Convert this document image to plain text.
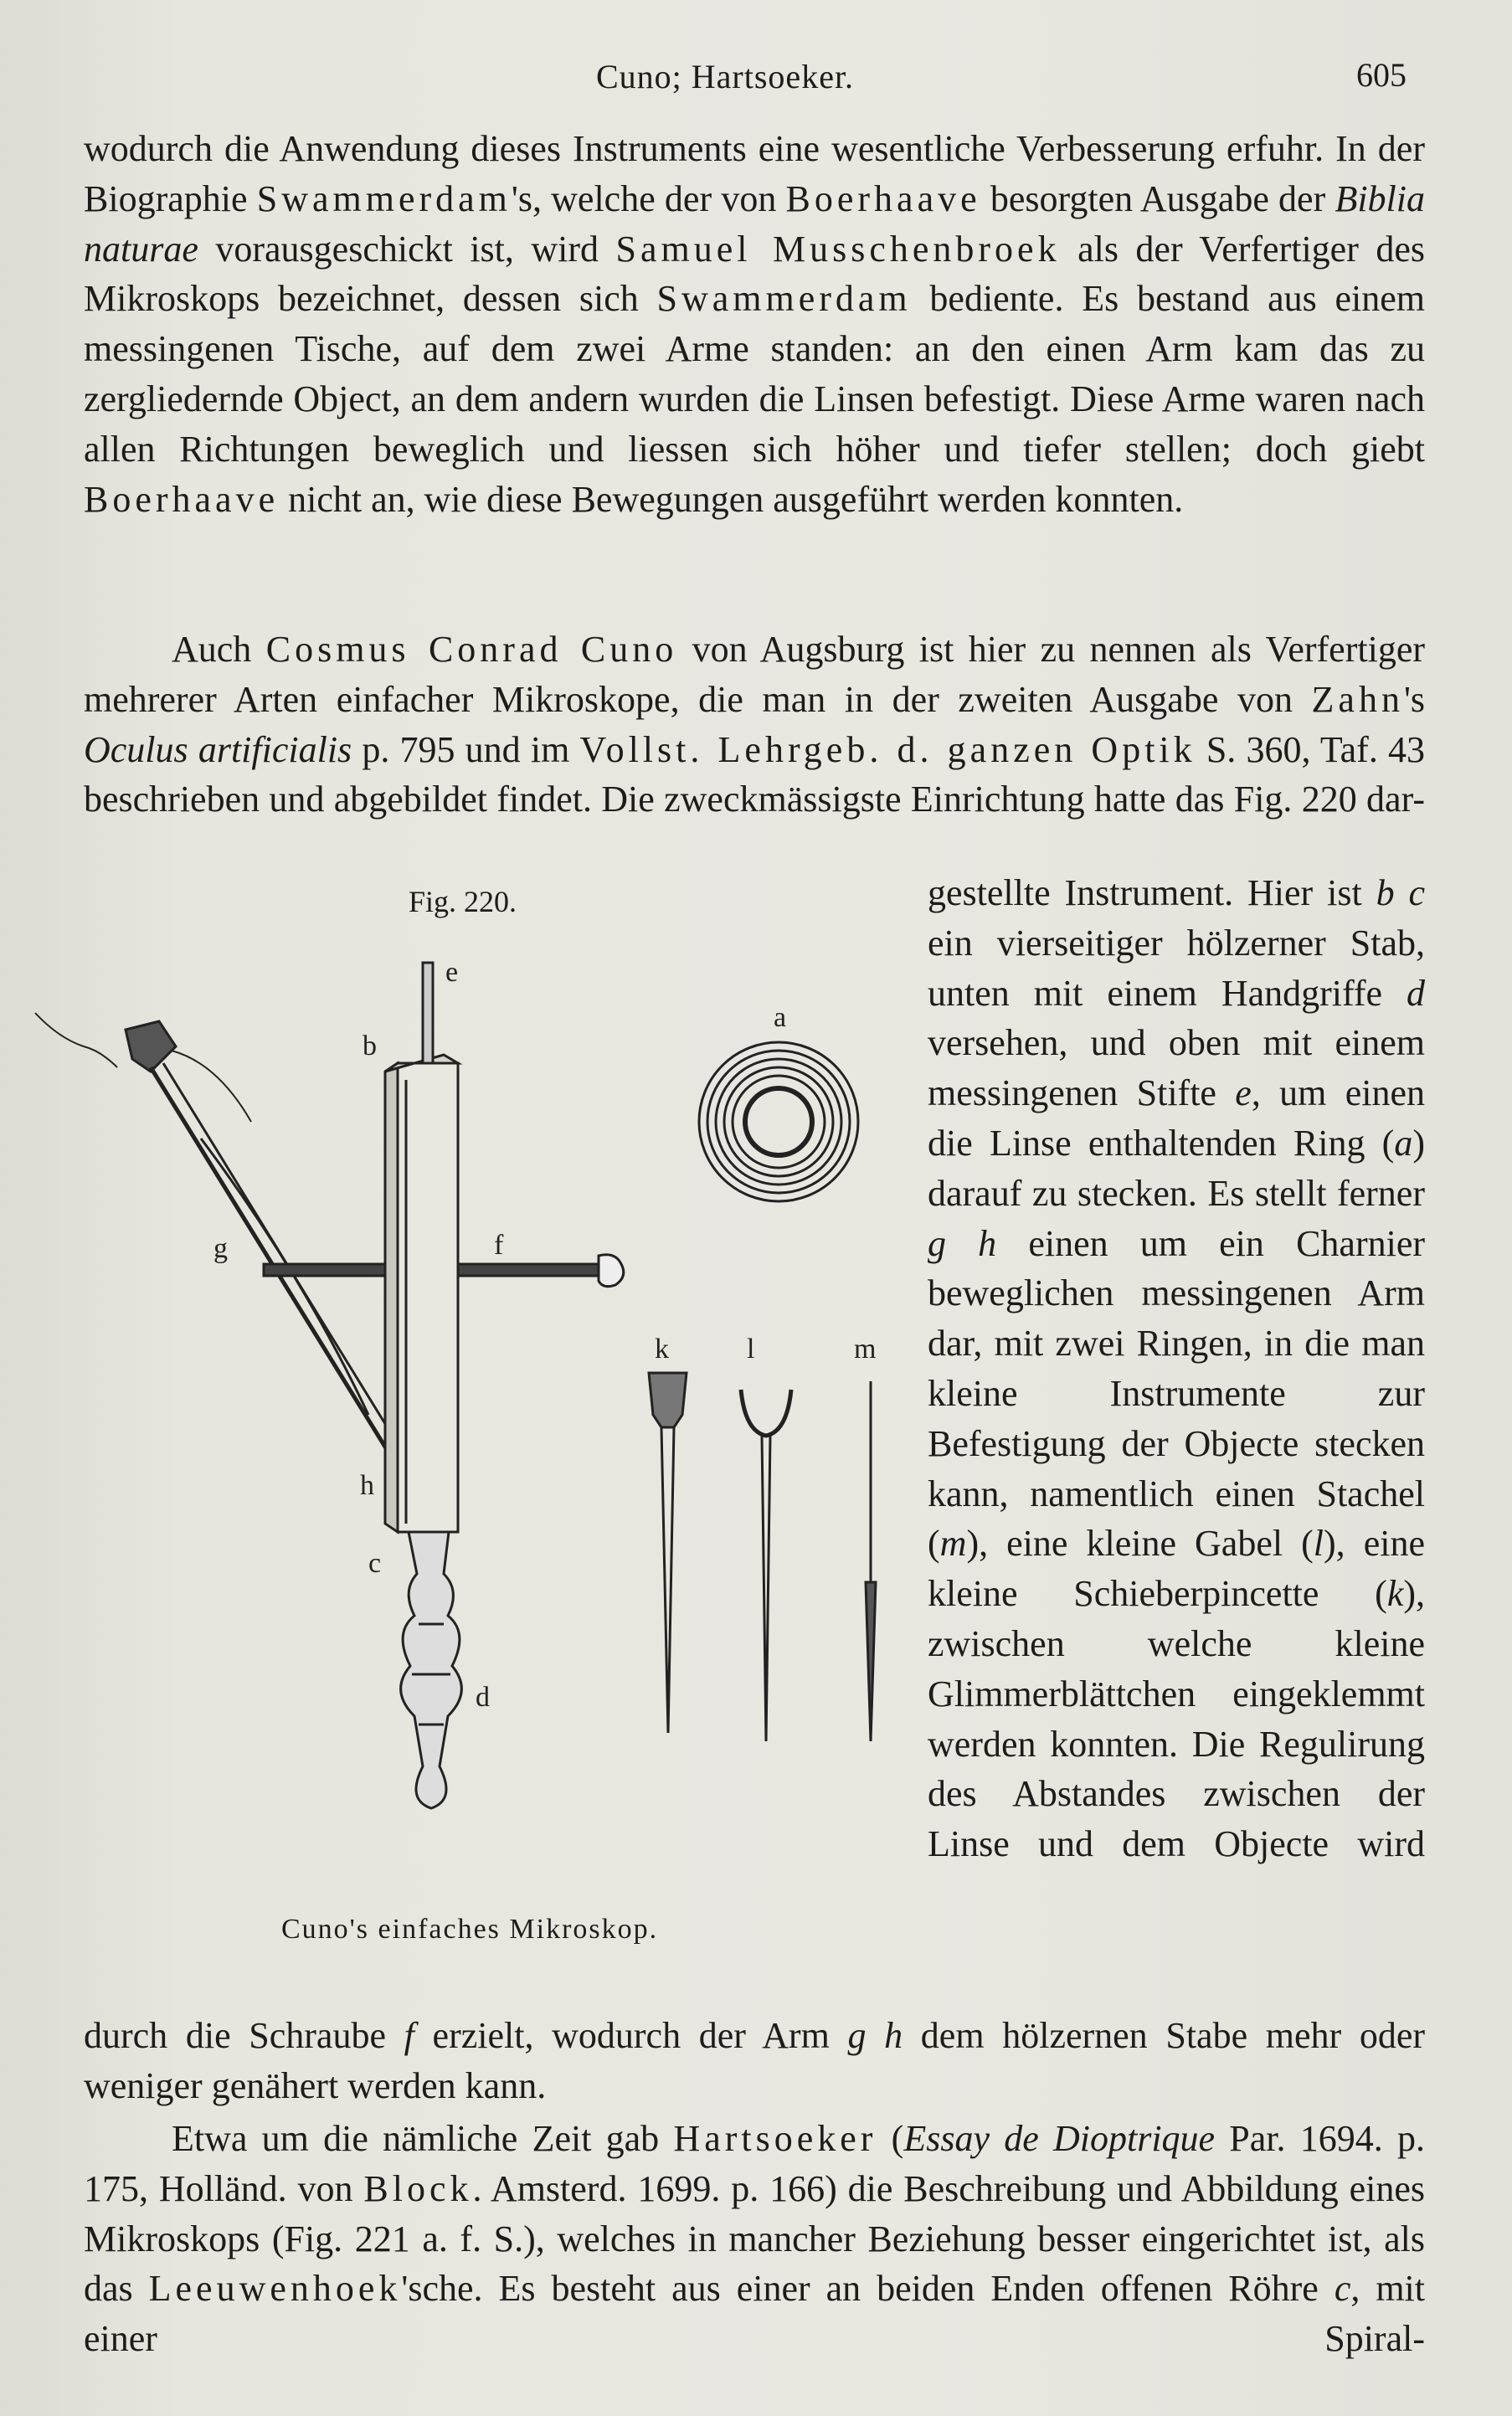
Cuno; Hartsoeker.	605

wodurch die Anwendung dieses Instruments eine wesentliche Verbesserung erfuhr. In der Biographie Swammerdam's, welche der von Boerhaave besorgten Ausgabe der Biblia naturae vorausgeschickt ist, wird Samuel Musschenbroek als der Verfertiger des Mikroskops bezeichnet, dessen sich Swammerdam bediente. Es bestand aus einem messingenen Tische, auf dem zwei Arme standen: an den einen Arm kam das zu zergliedernde Object, an dem andern wurden die Linsen befestigt. Diese Arme waren nach allen Richtungen beweglich und liessen sich höher und tiefer stellen; doch giebt Boerhaave nicht an, wie diese Bewegungen ausgeführt werden konnten.

Auch Cosmus Conrad Cuno von Augsburg ist hier zu nennen als Verfertiger mehrerer Arten einfacher Mikroskope, die man in der zweiten Ausgabe von Zahn's Oculus artificialis p. 795 und im Vollst. Lehrgeb. d. ganzen Optik S. 360, Taf. 43 beschrieben und abgebildet findet. Die zweckmässigste Einrichtung hatte das Fig. 220 dar-

Fig. 220.
e
b
a
f
g
h
c
d
k	l	m
Cuno's einfaches Mikroskop.

gestellte Instrument. Hier ist b c ein vierseitiger hölzerner Stab, unten mit einem Handgriffe d versehen, und oben mit einem messingenen Stifte e, um einen die Linse enthaltenden Ring (a) darauf zu stecken. Es stellt ferner g h einen um ein Charnier beweglichen messingenen Arm dar, mit zwei Ringen, in die man kleine Instrumente zur Befestigung der Objecte stecken kann, namentlich einen Stachel (m), eine kleine Gabel (l), eine kleine Schieberpincette (k), zwischen welche kleine Glimmerblättchen eingeklemmt werden konnten. Die Regulirung des Abstandes zwischen der Linse und dem Objecte wird

durch die Schraube f erzielt, wodurch der Arm g h dem hölzernen Stabe mehr oder weniger genähert werden kann.

Etwa um die nämliche Zeit gab Hartsoeker (Essay de Dioptrique Par. 1694. p. 175, Holländ. von Block. Amsterd. 1699. p. 166) die Beschreibung und Abbildung eines Mikroskops (Fig. 221 a. f. S.), welches in mancher Beziehung besser eingerichtet ist, als das Leeuwenhoek'sche. Es besteht aus einer an beiden Enden offenen Röhre c, mit einer Spiral-
